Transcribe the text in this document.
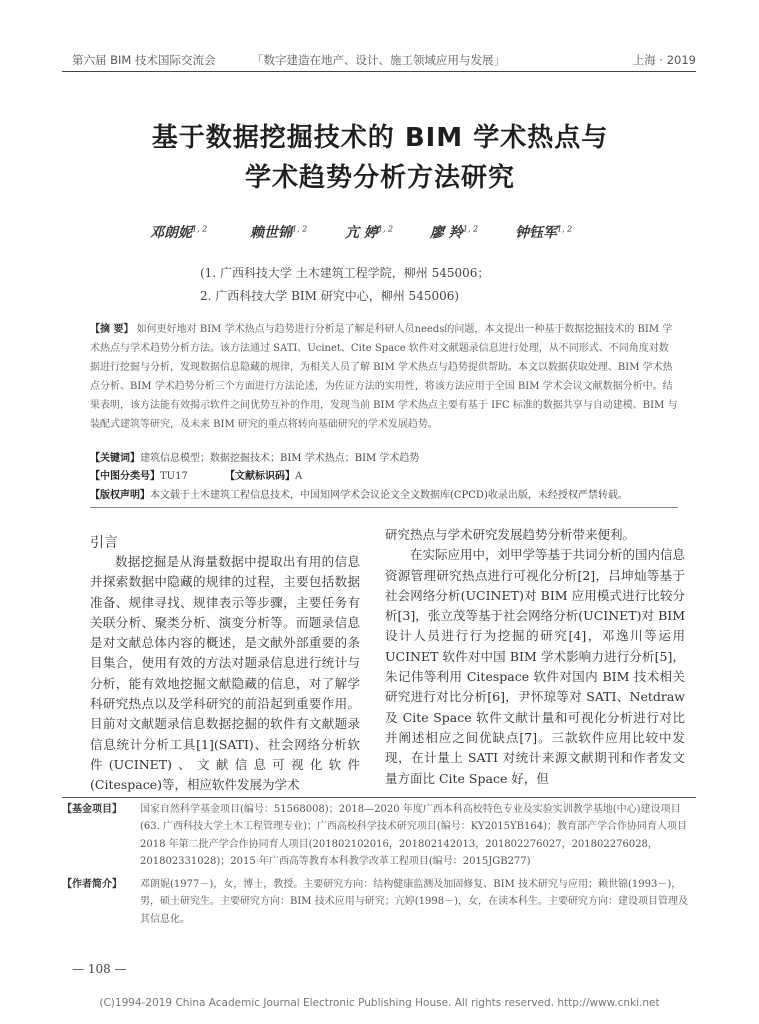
第六届 BIM 技术国际交流会	「数字建造在地产、设计、施工领域应用与发展」	上海 · 2019
基于数据挖掘技术的 BIM 学术热点与
学术趋势分析方法研究
邓朗妮$^{1, 2}$	赖世锦$^{1, 2}$	亢 婷$^{1, 2}$	廖 羚$^{1, 2}$	钟钰军$^{1, 2}$
(1. 广西科技大学 土木建筑工程学院，柳州 545006；
2. 广西科技大学 BIM 研究中心，柳州 545006)
【摘 要】 如何更好地对 BIM 学术热点与趋势进行分析是了解是科研人员needs的问题，本文提出一种基于数据挖掘技术的 BIM 学术热点与学术趋势分析方法。该方法通过 SATI、Ucinet、Cite Space 软件对文献题录信息进行处理，从不同形式、不同角度对数据进行挖掘与分析，发现数据信息隐藏的规律，为相关人员了解 BIM 学术热点与趋势提供帮助。本文以数据获取处理、BIM 学术热点分析、BIM 学术趋势分析三个方面进行方法论述，为佐证方法的实用性，将该方法应用于全国 BIM 学术会议文献数据分析中。结果表明，该方法能有效揭示软件之间优势互补的作用，发现当前 BIM 学术热点主要有基于 IFC 标准的数据共享与自动建模、BIM 与装配式建筑等研究，及未来 BIM 研究的重点将转向基础研究的学术发展趋势。
【关键词】建筑信息模型；数据挖掘技术；BIM 学术热点；BIM 学术趋势
【中图分类号】TU17	【文献标识码】A
【版权声明】本文载于土木建筑工程信息技术，中国知网学术会议论文全文数据库(CPCD)收录出版，未经授权严禁转载。
引言

数据挖掘是从海量数据中提取出有用的信息并探索数据中隐藏的规律的过程，主要包括数据准备、规律寻找、规律表示等步骤，主要任务有关联分析、聚类分析、演变分析等。而题录信息是对文献总体内容的概述，是文献外部重要的条目集合，使用有效的方法对题录信息进行统计与分析，能有效地挖掘文献隐藏的信息，对了解学科研究热点以及学科研究的前沿起到重要作用。目前对文献题录信息数据挖掘的软件有文献题录信息统计分析工具[1](SATI)、社会网络分析软件(UCINET)、文献信息可视化软件(Citespace)等，相应软件发展为学术

研究热点与学术研究发展趋势分析带来便利。

在实际应用中，刘甲学等基于共词分析的国内信息资源管理研究热点进行可视化分析[2]，吕坤灿等基于社会网络分析(UCINET)对 BIM 应用模式进行比较分析[3]，张立茂等基于社会网络分析(UCINET)对 BIM 设计人员进行行为挖掘的研究[4]，邓逸川等运用 UCINET 软件对中国 BIM 学术影响力进行分析[5]，朱记伟等利用 Citespace 软件对国内 BIM 技术相关研究进行对比分析[6]，尹怀琼等对 SATI、Netdraw 及 Cite Space 软件文献计量和可视化分析进行对比并阐述相应之间优缺点[7]。三款软件应用比较中发现，在计量上 SATI 对统计来源文献期刊和作者发文量方面比 Cite Space 好，但

【基金项目】	国家自然科学基金项目(编号：51568008)；2018—2020 年度广西本科高校特色专业及实验实训教学基地(中心)建设项目(63. 广西科技大学土木工程管理专业)；广西高校科学技术研究项目(编号：KY2015YB164)；教育部产学合作协同育人项目 2018 年第二批产学合作协同育人项目(201802102016，201802142013，201802276027，201802276028，201802331028)；2015 年广西高等教育本科教学改革工程项目(编号：2015JGB277)
【作者简介】	邓朗妮(1977－)，女，博士，教授。主要研究方向：结构健康监测及加固修复、BIM 技术研究与应用；赖世锦(1993－)，男，硕士研究生。主要研究方向：BIM 技术应用与研究；亢婷(1998－)，女，在读本科生。主要研究方向：建设项目管理及其信息化。
— 108 —
(C)1994-2019 China Academic Journal Electronic Publishing House. All rights reserved. http://www.cnki.net
